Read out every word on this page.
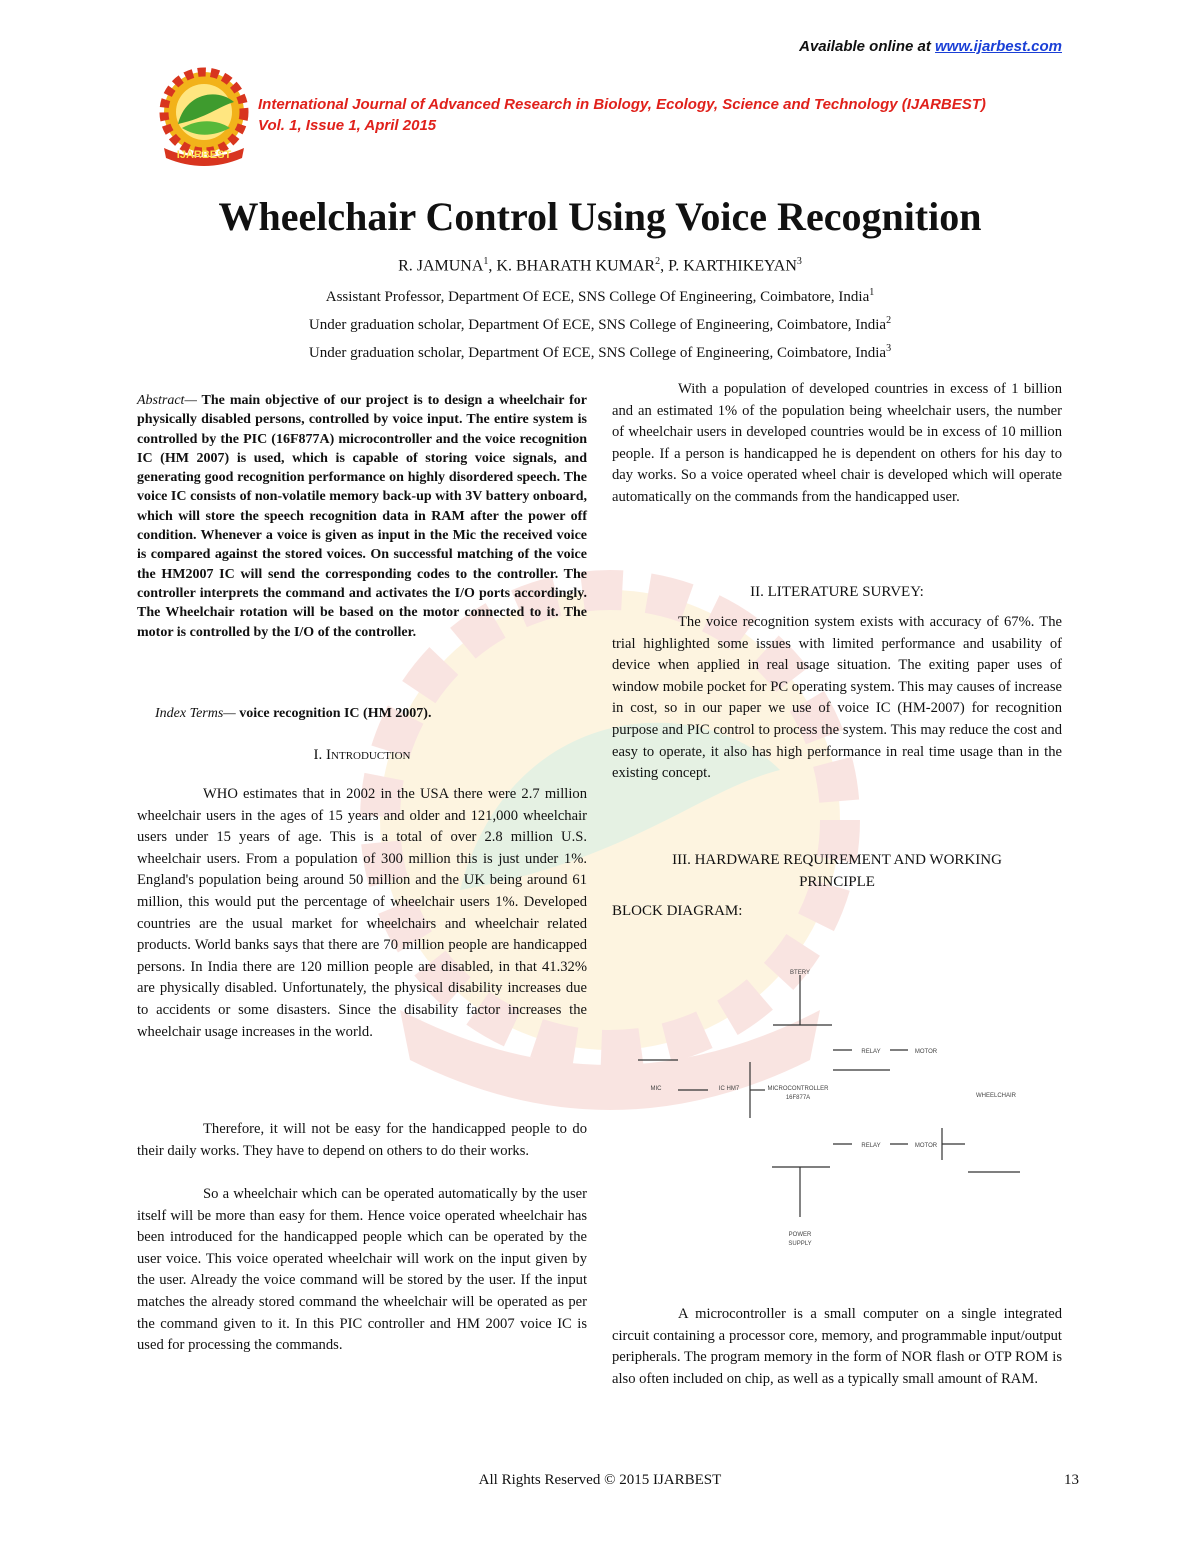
Available online at www.ijarbest.com
IJARBEST
International Journal of Advanced Research in Biology, Ecology, Science and Technology (IJARBEST)
Vol. 1, Issue 1, April 2015
Wheelchair Control Using Voice Recognition
R. JAMUNA$^1$, K. BHARATH KUMAR$^2$, P. KARTHIKEYAN$^3$
Assistant Professor, Department Of ECE, SNS College Of Engineering, Coimbatore, India$^1$
Under graduation scholar, Department Of ECE, SNS College of Engineering, Coimbatore, India$^2$
Under graduation scholar, Department Of ECE, SNS College of Engineering, Coimbatore, India$^3$
Abstract— The main objective of our project is to design a wheelchair for physically disabled persons, controlled by voice input. The entire system is controlled by the PIC (16F877A) microcontroller and the voice recognition IC (HM 2007) is used, which is capable of storing voice signals, and generating good recognition performance on highly disordered speech. The voice IC consists of non-volatile memory back-up with 3V battery onboard, which will store the speech recognition data in RAM after the power off condition. Whenever a voice is given as input in the Mic the received voice is compared against the stored voices. On successful matching of the voice the HM2007 IC will send the corresponding codes to the controller. The controller interprets the command and activates the I/O ports accordingly. The Wheelchair rotation will be based on the motor connected to it. The motor is controlled by the I/O of the controller.
Index Terms— voice recognition IC (HM 2007).
I. Introduction
WHO estimates that in 2002 in the USA there were 2.7 million wheelchair users in the ages of 15 years and older and 121,000 wheelchair users under 15 years of age. This is a total of over 2.8 million U.S. wheelchair users. From a population of 300 million this is just under 1%. England's population being around 50 million and the UK being around 61 million, this would put the percentage of wheelchair users 1%. Developed countries are the usual market for wheelchairs and wheelchair related products. World banks says that there are 70 million people are handicapped persons. In India there are 120 million people are disabled, in that 41.32% are physically disabled. Unfortunately, the physical disability increases due to accidents or some disasters. Since the disability factor increases the wheelchair usage increases in the world.
Therefore, it will not be easy for the handicapped people to do their daily works. They have to depend on others to do their works.
So a wheelchair which can be operated automatically by the user itself will be more than easy for them. Hence voice operated wheelchair has been introduced for the handicapped people which can be operated by the user voice. This voice operated wheelchair will work on the input given by the user. Already the voice command will be stored by the user. If the input matches the already stored command the wheelchair will be operated as per the command given to it. In this PIC controller and HM 2007 voice IC is used for processing the commands.
With a population of developed countries in excess of 1 billion and an estimated 1% of the population being wheelchair users, the number of wheelchair users in developed countries would be in excess of 10 million people. If a person is handicapped he is dependent on others for his day to day works. So a voice operated wheel chair is developed which will operate automatically on the commands from the handicapped user.
II. LITERATURE SURVEY:
The voice recognition system exists with accuracy of 67%. The trial highlighted some issues with limited performance and usability of device when applied in real usage situation. The exiting paper uses of window mobile pocket for PC operating system. This may causes of increase in cost, so in our paper we use of voice IC (HM-2007) for recognition purpose and PIC control to process the system. This may reduce the cost and easy to operate, it also has high performance in real time usage than in the existing concept.
III. HARDWARE REQUIREMENT AND WORKING
PRINCIPLE
BLOCK DIAGRAM:
BTERY
MIC	IC HM7	MICROCONTROLLER
16F877A
RELAY	MOTOR
RELAY	MOTOR
WHEELCHAIR
POWER
SUPPLY
A microcontroller is a small computer on a single integrated circuit containing a processor core, memory, and programmable input/output peripherals. The program memory in the form of NOR flash or OTP ROM is also often included on chip, as well as a typically small amount of RAM.
All Rights Reserved © 2015 IJARBEST	13
